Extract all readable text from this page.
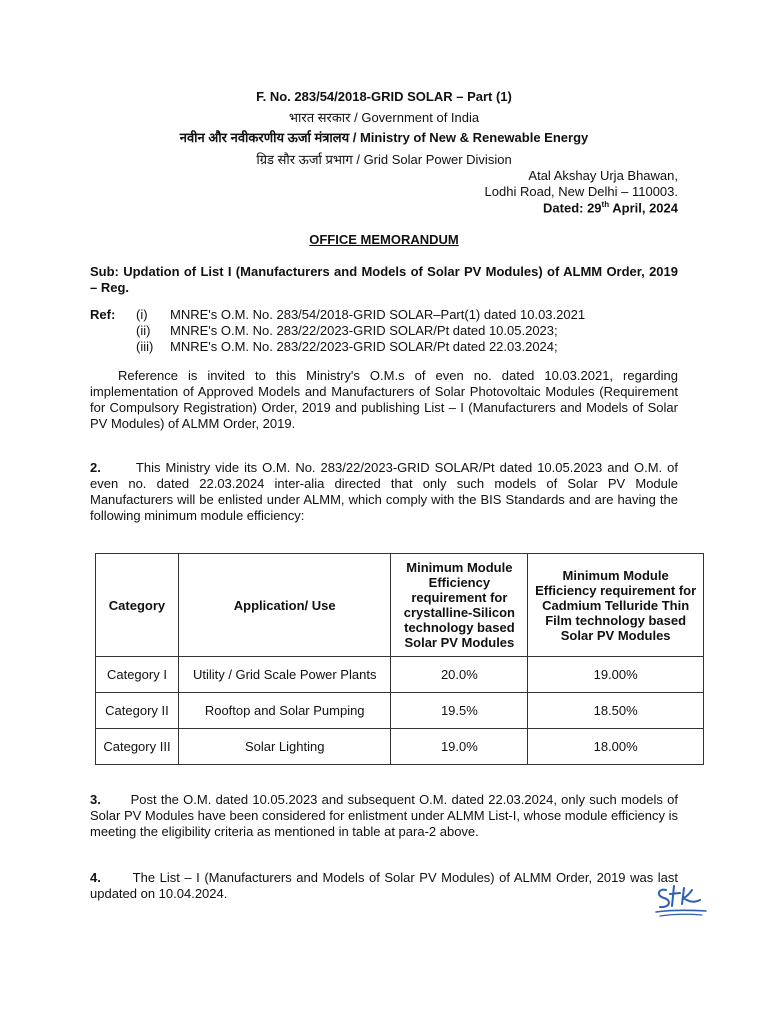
F. No. 283/54/2018-GRID SOLAR – Part (1)
भारत सरकार / Government of India
नवीन और नवीकरणीय ऊर्जा मंत्रालय / Ministry of New & Renewable Energy
ग्रिड सौर ऊर्जा प्रभाग / Grid Solar Power Division
Atal Akshay Urja Bhawan,
Lodhi Road, New Delhi – 110003.
Dated: 29th April, 2024
OFFICE MEMORANDUM
Sub: Updation of List I (Manufacturers and Models of Solar PV Modules) of ALMM Order, 2019 – Reg.
Ref:	(i)	MNRE's O.M. No. 283/54/2018-GRID SOLAR–Part(1) dated 10.03.2021
(ii)	MNRE's O.M. No. 283/22/2023-GRID SOLAR/Pt dated 10.05.2023;
(iii)	MNRE's O.M. No. 283/22/2023-GRID SOLAR/Pt dated 22.03.2024;
Reference is invited to this Ministry's O.M.s of even no. dated 10.03.2021, regarding implementation of Approved Models and Manufacturers of Solar Photovoltaic Modules (Requirement for Compulsory Registration) Order, 2019 and publishing List – I (Manufacturers and Models of Solar PV Modules) of ALMM Order, 2019.
2.	This Ministry vide its O.M. No. 283/22/2023-GRID SOLAR/Pt dated 10.05.2023 and O.M. of even no. dated 22.03.2024 inter-alia directed that only such models of Solar PV Module Manufacturers will be enlisted under ALMM, which comply with the BIS Standards and are having the following minimum module efficiency:
Category	Application/ Use	Minimum Module Efficiency requirement for crystalline-Silicon technology based Solar PV Modules	Minimum Module Efficiency requirement for Cadmium Telluride Thin Film technology based Solar PV Modules
Category I	Utility / Grid Scale Power Plants	20.0%	19.00%
Category II	Rooftop and Solar Pumping	19.5%	18.50%
Category III	Solar Lighting	19.0%	18.00%
3. Post the O.M. dated 10.05.2023 and subsequent O.M. dated 22.03.2024, only such models of Solar PV Modules have been considered for enlistment under ALMM List-I, whose module efficiency is meeting the eligibility criteria as mentioned in table at para-2 above.
4. The List – I (Manufacturers and Models of Solar PV Modules) of ALMM Order, 2019 was last updated on 10.04.2024.
